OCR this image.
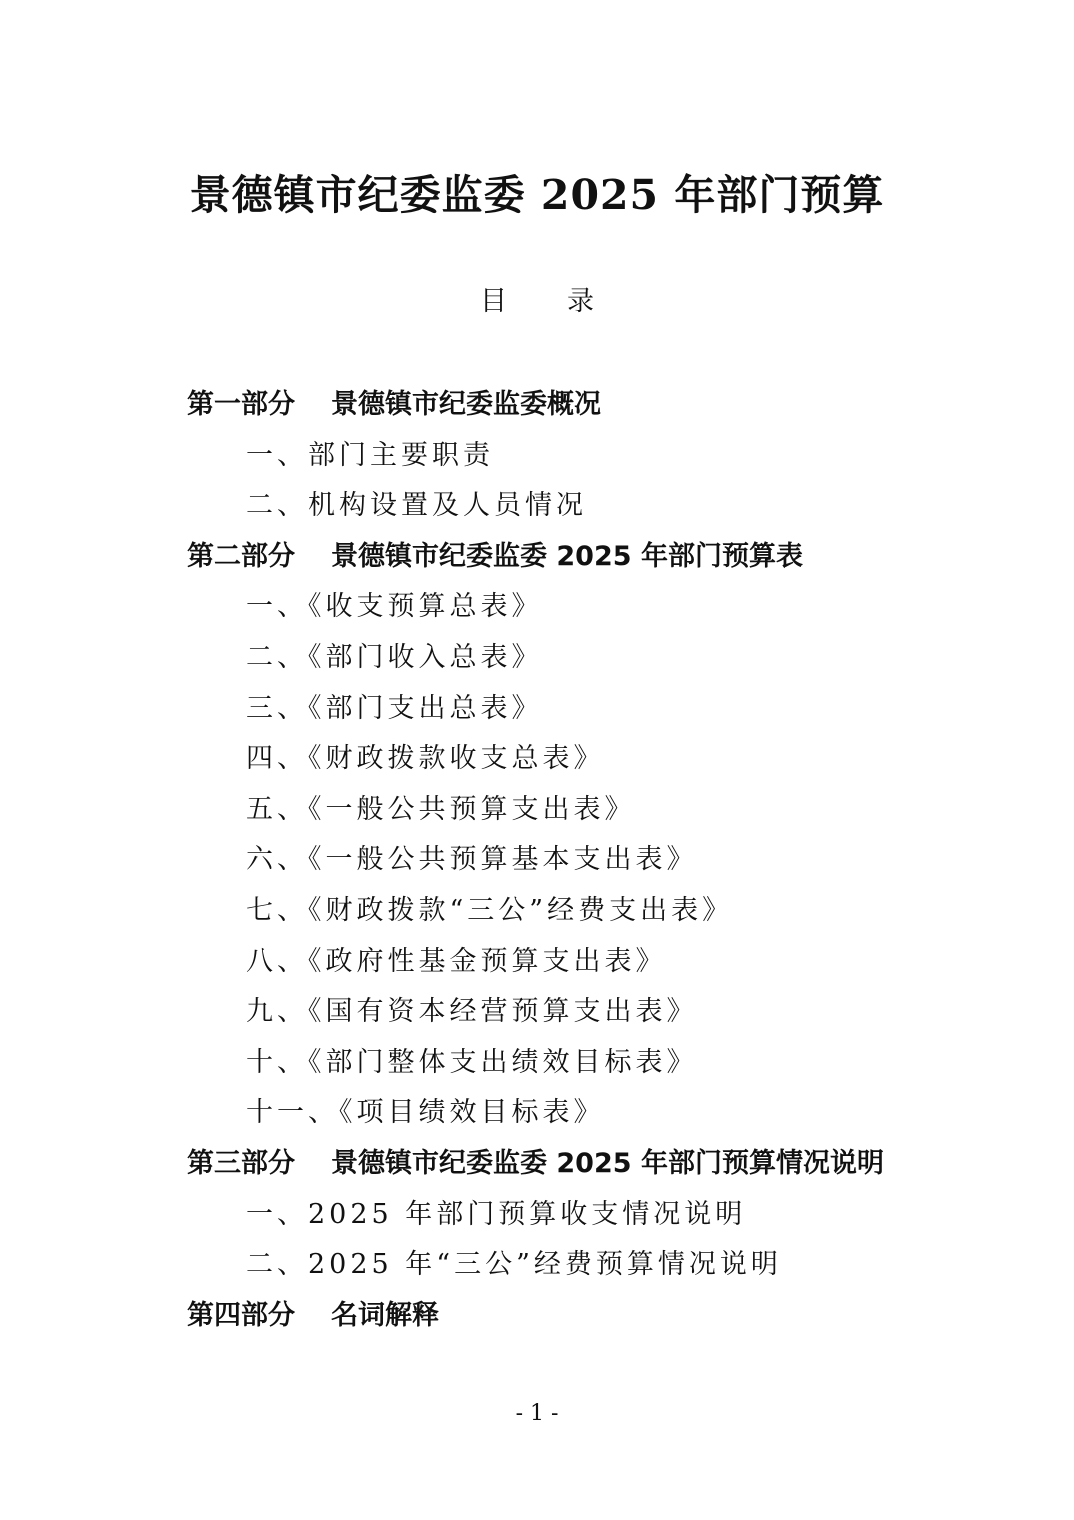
景德镇市纪委监委 2025 年部门预算
目 录
第一部分 景德镇市纪委监委概况
一、部门主要职责
二、机构设置及人员情况
第二部分 景德镇市纪委监委 2025 年部门预算表
一、《收支预算总表》
二、《部门收入总表》
三、《部门支出总表》
四、《财政拨款收支总表》
五、《一般公共预算支出表》
六、《一般公共预算基本支出表》
七、《财政拨款“三公”经费支出表》
八、《政府性基金预算支出表》
九、《国有资本经营预算支出表》
十、《部门整体支出绩效目标表》
十一、《项目绩效目标表》
第三部分 景德镇市纪委监委 2025 年部门预算情况说明
一、2025 年部门预算收支情况说明
二、2025 年“三公”经费预算情况说明
第四部分 名词解释
- 1 -
